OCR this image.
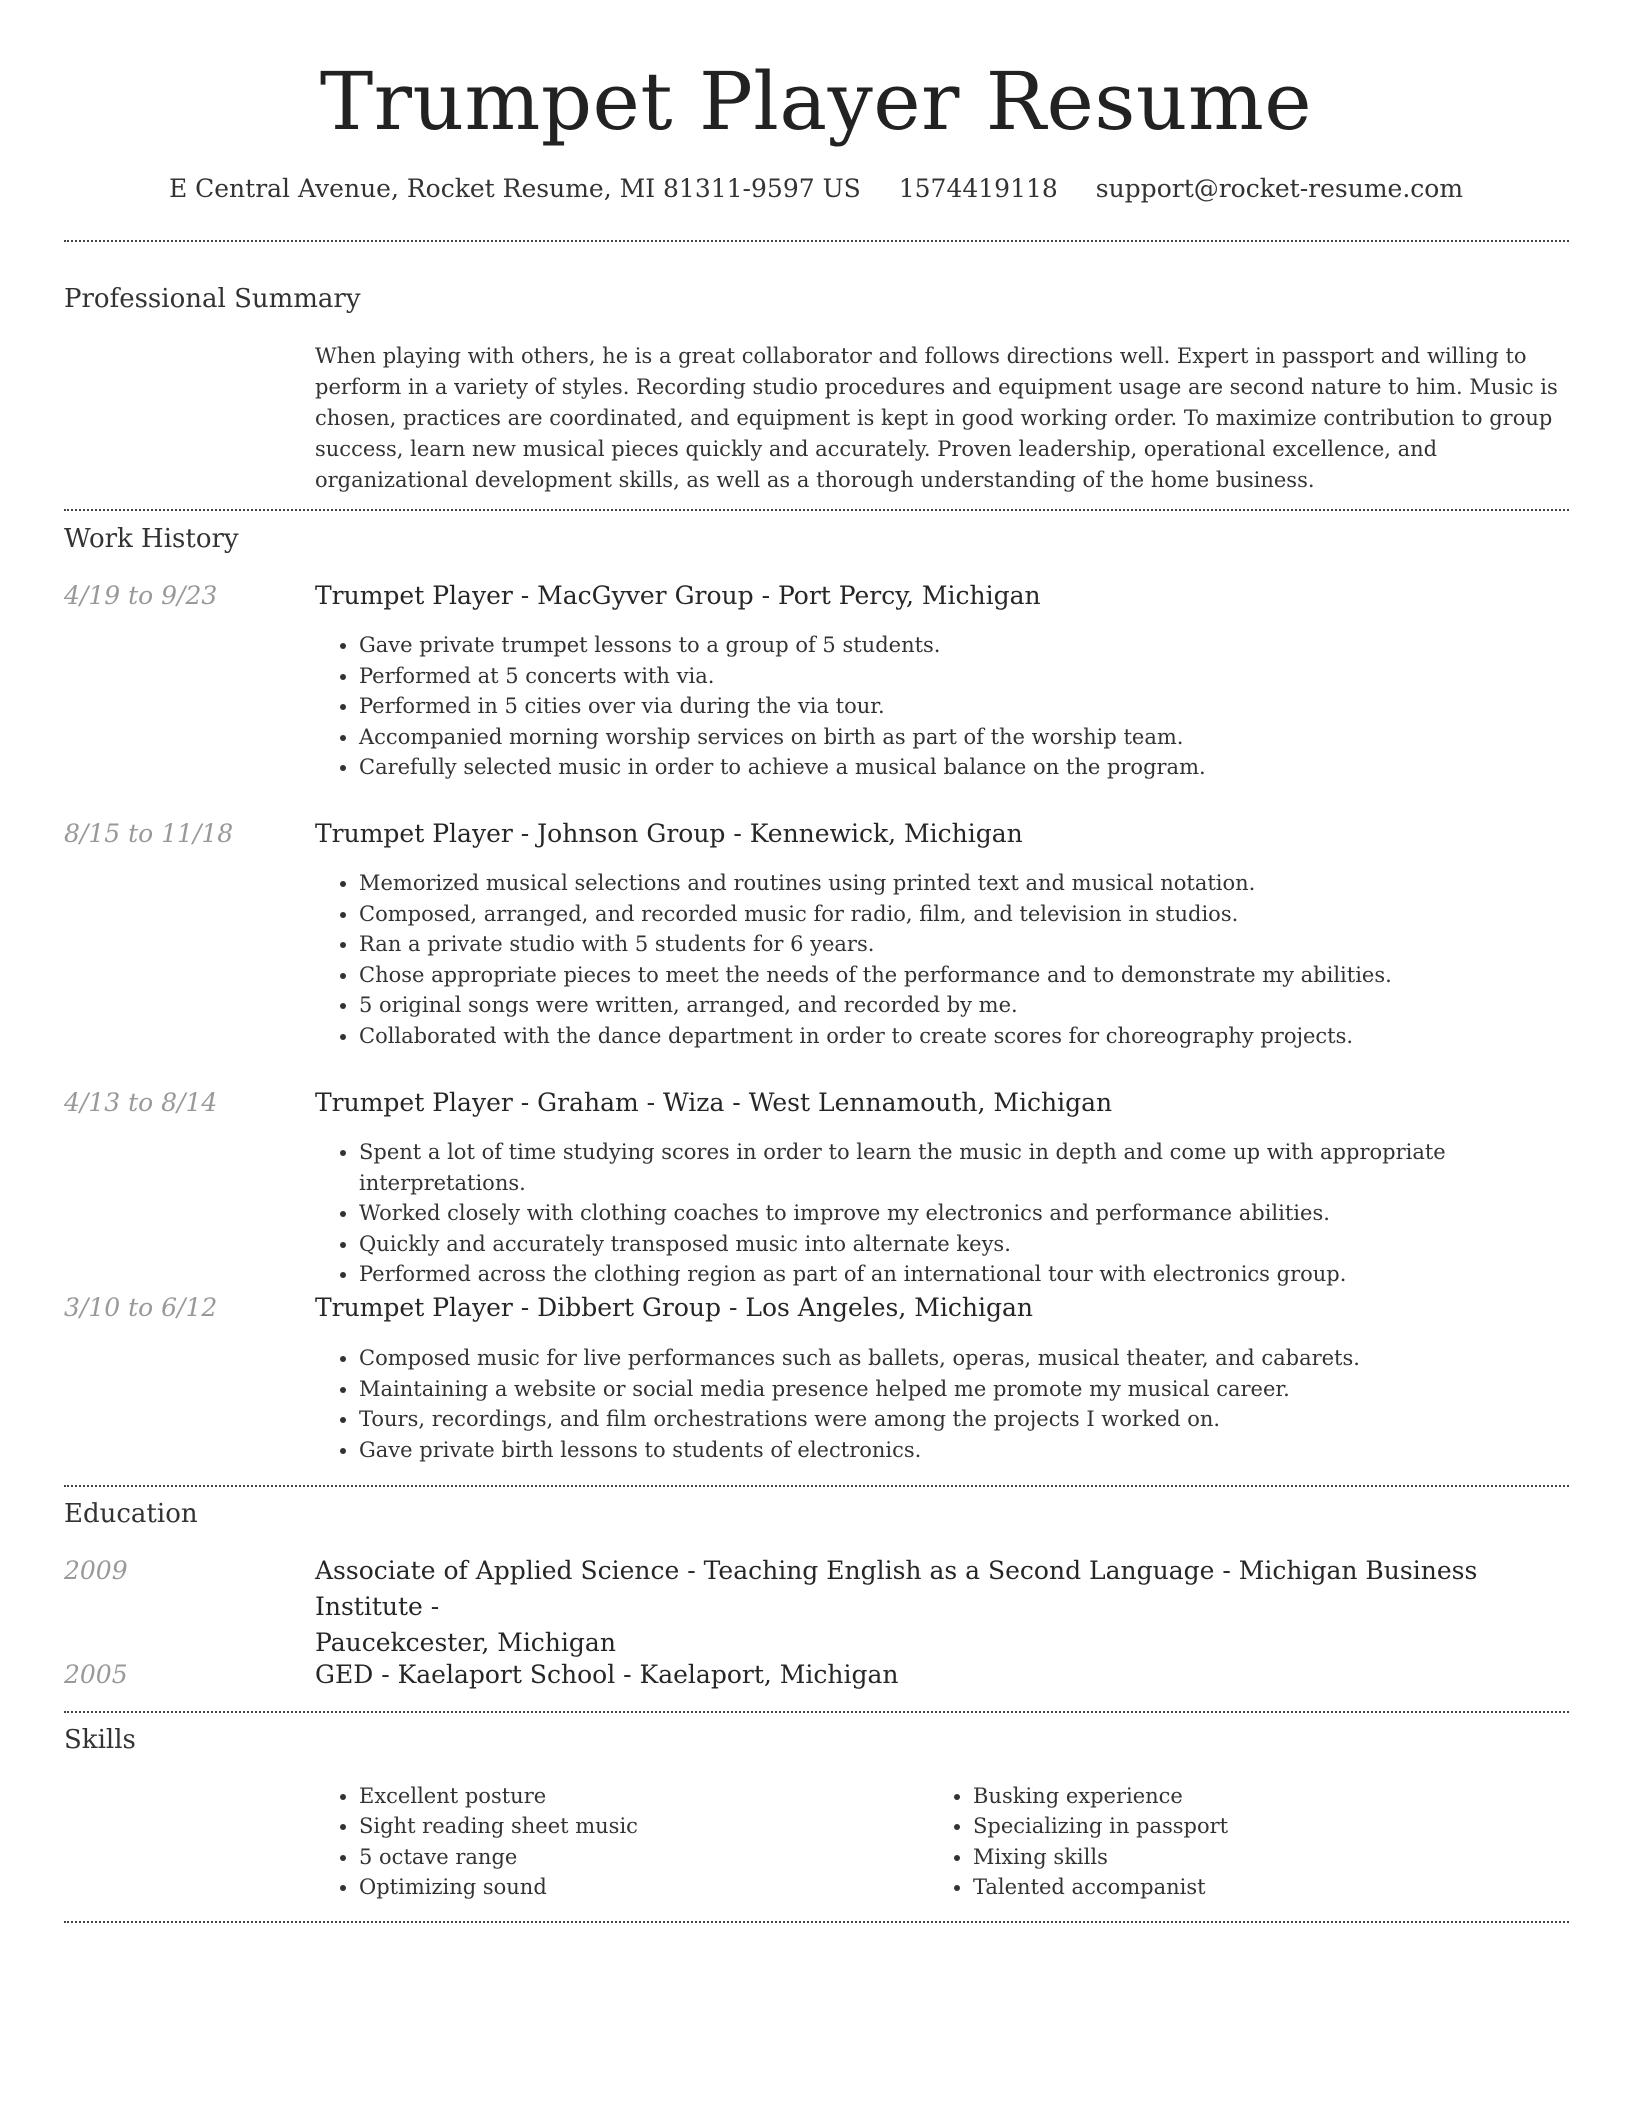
Trumpet Player Resume
E Central Avenue, Rocket Resume, MI 81311-9597 US 1574419118 support@rocket-resume.com
Professional Summary
When playing with others, he is a great collaborator and follows directions well. Expert in passport and willing to perform in a variety of styles. Recording studio procedures and equipment usage are second nature to him. Music is chosen, practices are coordinated, and equipment is kept in good working order. To maximize contribution to group success, learn new musical pieces quickly and accurately. Proven leadership, operational excellence, and organizational development skills, as well as a thorough understanding of the home business.
Work History
4/19 to 9/23	Trumpet Player - MacGyver Group - Port Percy, Michigan
• Gave private trumpet lessons to a group of 5 students.
• Performed at 5 concerts with via.
• Performed in 5 cities over via during the via tour.
• Accompanied morning worship services on birth as part of the worship team.
• Carefully selected music in order to achieve a musical balance on the program.
8/15 to 11/18	Trumpet Player - Johnson Group - Kennewick, Michigan
• Memorized musical selections and routines using printed text and musical notation.
• Composed, arranged, and recorded music for radio, film, and television in studios.
• Ran a private studio with 5 students for 6 years.
• Chose appropriate pieces to meet the needs of the performance and to demonstrate my abilities.
• 5 original songs were written, arranged, and recorded by me.
• Collaborated with the dance department in order to create scores for choreography projects.
4/13 to 8/14	Trumpet Player - Graham - Wiza - West Lennamouth, Michigan
• Spent a lot of time studying scores in order to learn the music in depth and come up with appropriate interpretations.
• Worked closely with clothing coaches to improve my electronics and performance abilities.
• Quickly and accurately transposed music into alternate keys.
• Performed across the clothing region as part of an international tour with electronics group.
3/10 to 6/12	Trumpet Player - Dibbert Group - Los Angeles, Michigan
• Composed music for live performances such as ballets, operas, musical theater, and cabarets.
• Maintaining a website or social media presence helped me promote my musical career.
• Tours, recordings, and film orchestrations were among the projects I worked on.
• Gave private birth lessons to students of electronics.
Education
2009	Associate of Applied Science - Teaching English as a Second Language - Michigan Business Institute -
Paucekcester, Michigan
2005	GED - Kaelaport School - Kaelaport, Michigan
Skills
• Excellent posture
• Sight reading sheet music
• 5 octave range
• Optimizing sound
• Busking experience
• Specializing in passport
• Mixing skills
• Talented accompanist
